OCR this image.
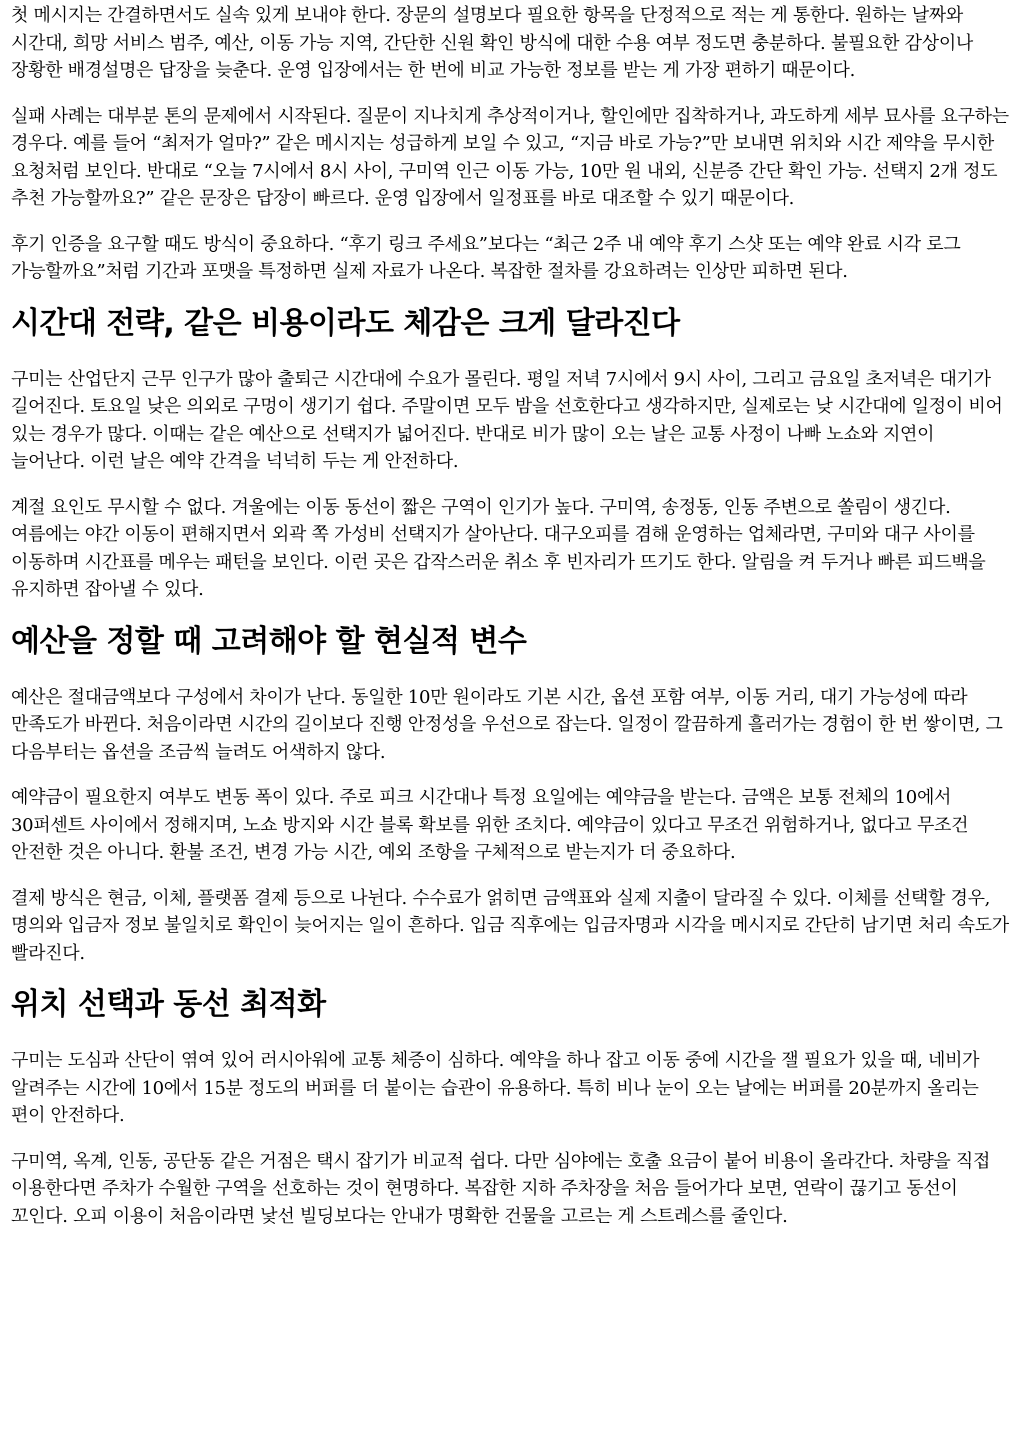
첫 메시지는 간결하면서도 실속 있게 보내야 한다. 장문의 설명보다 필요한 항목을 단정적으로 적는 게 통한다. 원하는 날짜와 시간대, 희망 서비스 범주, 예산, 이동 가능 지역, 간단한 신원 확인 방식에 대한 수용 여부 정도면 충분하다. 불필요한 감상이나 장황한 배경설명은 답장을 늦춘다. 운영 입장에서는 한 번에 비교 가능한 정보를 받는 게 가장 편하기 때문이다.

실패 사례는 대부분 톤의 문제에서 시작된다. 질문이 지나치게 추상적이거나, 할인에만 집착하거나, 과도하게 세부 묘사를 요구하는 경우다. 예를 들어 “최저가 얼마?” 같은 메시지는 성급하게 보일 수 있고, “지금 바로 가능?”만 보내면 위치와 시간 제약을 무시한 요청처럼 보인다. 반대로 “오늘 7시에서 8시 사이, 구미역 인근 이동 가능, 10만 원 내외, 신분증 간단 확인 가능. 선택지 2개 정도 추천 가능할까요?” 같은 문장은 답장이 빠르다. 운영 입장에서 일정표를 바로 대조할 수 있기 때문이다.

후기 인증을 요구할 때도 방식이 중요하다. “후기 링크 주세요”보다는 “최근 2주 내 예약 후기 스샷 또는 예약 완료 시각 로그 가능할까요”처럼 기간과 포맷을 특정하면 실제 자료가 나온다. 복잡한 절차를 강요하려는 인상만 피하면 된다.

시간대 전략, 같은 비용이라도 체감은 크게 달라진다

구미는 산업단지 근무 인구가 많아 출퇴근 시간대에 수요가 몰린다. 평일 저녁 7시에서 9시 사이, 그리고 금요일 초저녁은 대기가 길어진다. 토요일 낮은 의외로 구멍이 생기기 쉽다. 주말이면 모두 밤을 선호한다고 생각하지만, 실제로는 낮 시간대에 일정이 비어 있는 경우가 많다. 이때는 같은 예산으로 선택지가 넓어진다. 반대로 비가 많이 오는 날은 교통 사정이 나빠 노쇼와 지연이 늘어난다. 이런 날은 예약 간격을 넉넉히 두는 게 안전하다.

계절 요인도 무시할 수 없다. 겨울에는 이동 동선이 짧은 구역이 인기가 높다. 구미역, 송정동, 인동 주변으로 쏠림이 생긴다. 여름에는 야간 이동이 편해지면서 외곽 쪽 가성비 선택지가 살아난다. 대구오피를 겸해 운영하는 업체라면, 구미와 대구 사이를 이동하며 시간표를 메우는 패턴을 보인다. 이런 곳은 갑작스러운 취소 후 빈자리가 뜨기도 한다. 알림을 켜 두거나 빠른 피드백을 유지하면 잡아낼 수 있다.

예산을 정할 때 고려해야 할 현실적 변수

예산은 절대금액보다 구성에서 차이가 난다. 동일한 10만 원이라도 기본 시간, 옵션 포함 여부, 이동 거리, 대기 가능성에 따라 만족도가 바뀐다. 처음이라면 시간의 길이보다 진행 안정성을 우선으로 잡는다. 일정이 깔끔하게 흘러가는 경험이 한 번 쌓이면, 그 다음부터는 옵션을 조금씩 늘려도 어색하지 않다.

예약금이 필요한지 여부도 변동 폭이 있다. 주로 피크 시간대나 특정 요일에는 예약금을 받는다. 금액은 보통 전체의 10에서 30퍼센트 사이에서 정해지며, 노쇼 방지와 시간 블록 확보를 위한 조치다. 예약금이 있다고 무조건 위험하거나, 없다고 무조건 안전한 것은 아니다. 환불 조건, 변경 가능 시간, 예외 조항을 구체적으로 받는지가 더 중요하다.

결제 방식은 현금, 이체, 플랫폼 결제 등으로 나뉜다. 수수료가 얽히면 금액표와 실제 지출이 달라질 수 있다. 이체를 선택할 경우, 명의와 입금자 정보 불일치로 확인이 늦어지는 일이 흔하다. 입금 직후에는 입금자명과 시각을 메시지로 간단히 남기면 처리 속도가 빨라진다.

위치 선택과 동선 최적화

구미는 도심과 산단이 엮여 있어 러시아워에 교통 체증이 심하다. 예약을 하나 잡고 이동 중에 시간을 잴 필요가 있을 때, 네비가 알려주는 시간에 10에서 15분 정도의 버퍼를 더 붙이는 습관이 유용하다. 특히 비나 눈이 오는 날에는 버퍼를 20분까지 올리는 편이 안전하다.

구미역, 옥계, 인동, 공단동 같은 거점은 택시 잡기가 비교적 쉽다. 다만 심야에는 호출 요금이 붙어 비용이 올라간다. 차량을 직접 이용한다면 주차가 수월한 구역을 선호하는 것이 현명하다. 복잡한 지하 주차장을 처음 들어가다 보면, 연락이 끊기고 동선이 꼬인다. 오피 이용이 처음이라면 낯선 빌딩보다는 안내가 명확한 건물을 고르는 게 스트레스를 줄인다.
